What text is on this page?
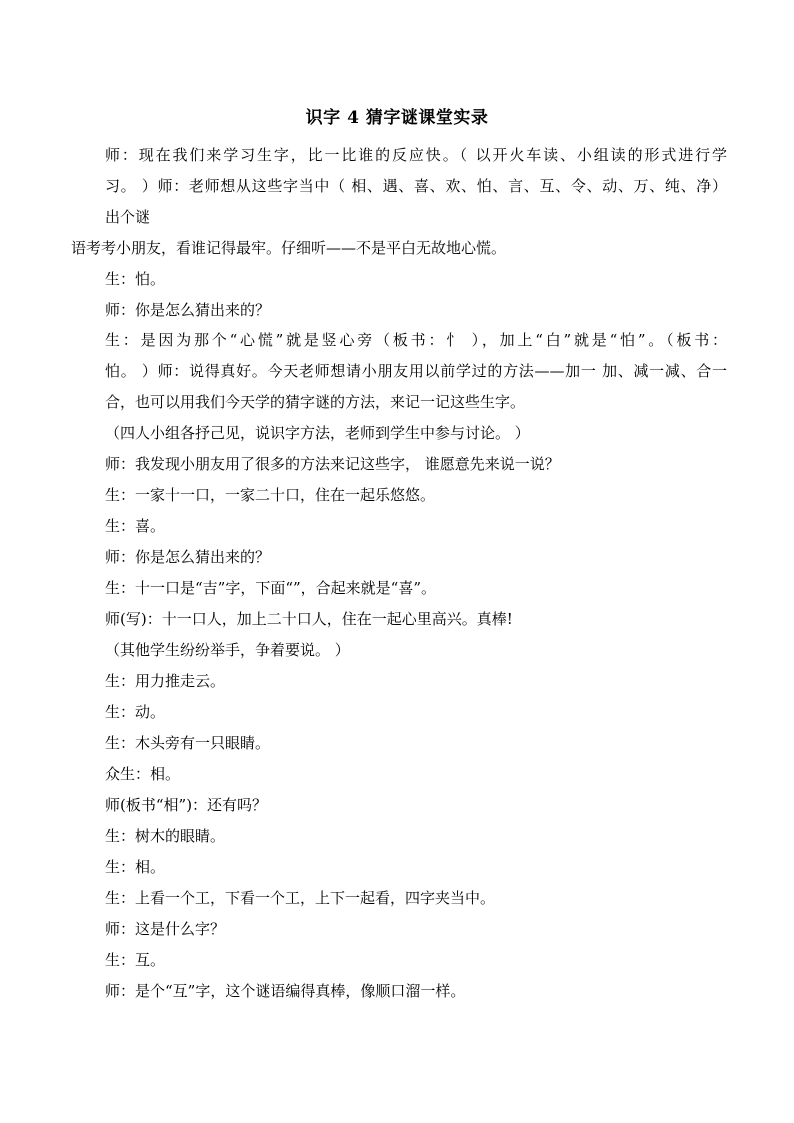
识字 4 猜字谜课堂实录
师：现在我们来学习生字，比一比谁的反应快。（ 以开火车读、小组读的形式进行学
习。 ）师：老师想从这些字当中（ 相、遇、喜、欢、怕、言、互、令、动、万、纯、净）
出个谜
语考考小朋友，看谁记得最牢。仔细听——不是平白无故地心慌。
生：怕。
师：你是怎么猜出来的？
生：是因为那个“心慌”就是竖心旁（板书：忄 ），加上“白”就是“怕”。（板书：
怕。 ）师：说得真好。今天老师想请小朋友用以前学过的方法——加一 加、减一减、合一
合，也可以用我们今天学的猜字谜的方法，来记一记这些生字。
（四人小组各抒己见，说识字方法，老师到学生中参与讨论。 ）
师：我发现小朋友用了很多的方法来记这些字， 谁愿意先来说一说？
生：一家十一口，一家二十口，住在一起乐悠悠。
生：喜。
师：你是怎么猜出来的？
生：十一口是“吉”字，下面“”，合起来就是“喜”。
师(写)：十一口人，加上二十口人，住在一起心里高兴。真棒!
（其他学生纷纷举手，争着要说。 ）
生：用力推走云。
生：动。
生：木头旁有一只眼睛。
众生：相。
师(板书“相”)：还有吗？
生：树木的眼睛。
生：相。
生：上看一个工，下看一个工，上下一起看，四字夹当中。
师：这是什么字？
生：互。
师：是个“互”字，这个谜语编得真棒，像顺口溜一样。
